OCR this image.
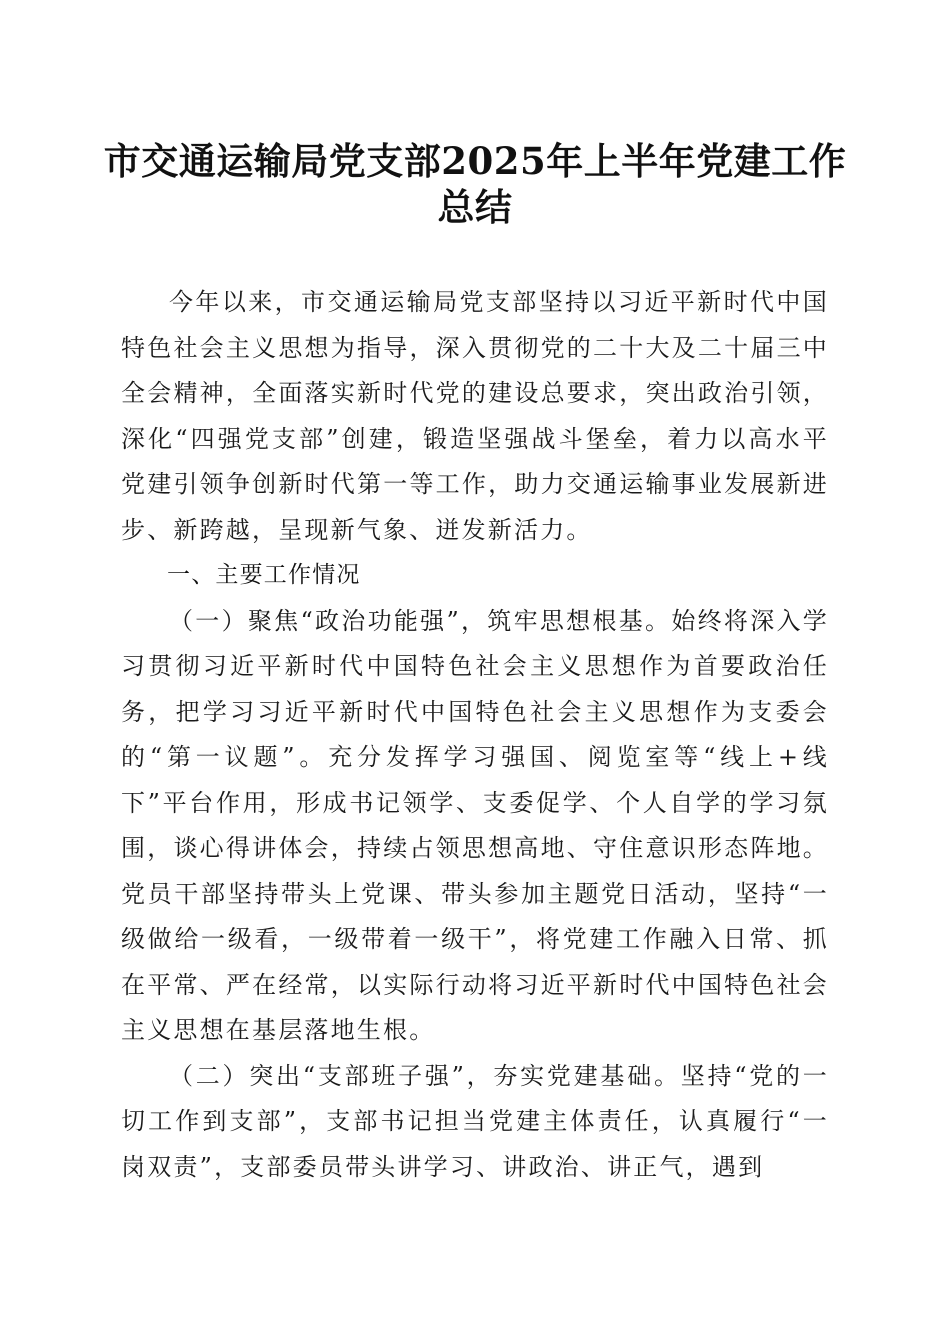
市交通运输局党支部2025年上半年党建工作
总结

今年以来，市交通运输局党支部坚持以习近平新时代中国特色社会主义思想为指导，深入贯彻党的二十大及二十届三中全会精神，全面落实新时代党的建设总要求，突出政治引领，深化“四强党支部”创建，锻造坚强战斗堡垒，着力以高水平党建引领争创新时代第一等工作，助力交通运输事业发展新进步、新跨越，呈现新气象、迸发新活力。

一、主要工作情况

（一）聚焦“政治功能强”，筑牢思想根基。始终将深入学习贯彻习近平新时代中国特色社会主义思想作为首要政治任务，把学习习近平新时代中国特色社会主义思想作为支委会的“第一议题”。充分发挥学习强国、阅览室等“线上+线下”平台作用，形成书记领学、支委促学、个人自学的学习氛围，谈心得讲体会，持续占领思想高地、守住意识形态阵地。党员干部坚持带头上党课、带头参加主题党日活动，坚持“一级做给一级看，一级带着一级干”，将党建工作融入日常、抓在平常、严在经常，以实际行动将习近平新时代中国特色社会主义思想在基层落地生根。

（二）突出“支部班子强”，夯实党建基础。坚持“党的一切工作到支部”，支部书记担当党建主体责任，认真履行“一岗双责”，支部委员带头讲学习、讲政治、讲正气，遇到
